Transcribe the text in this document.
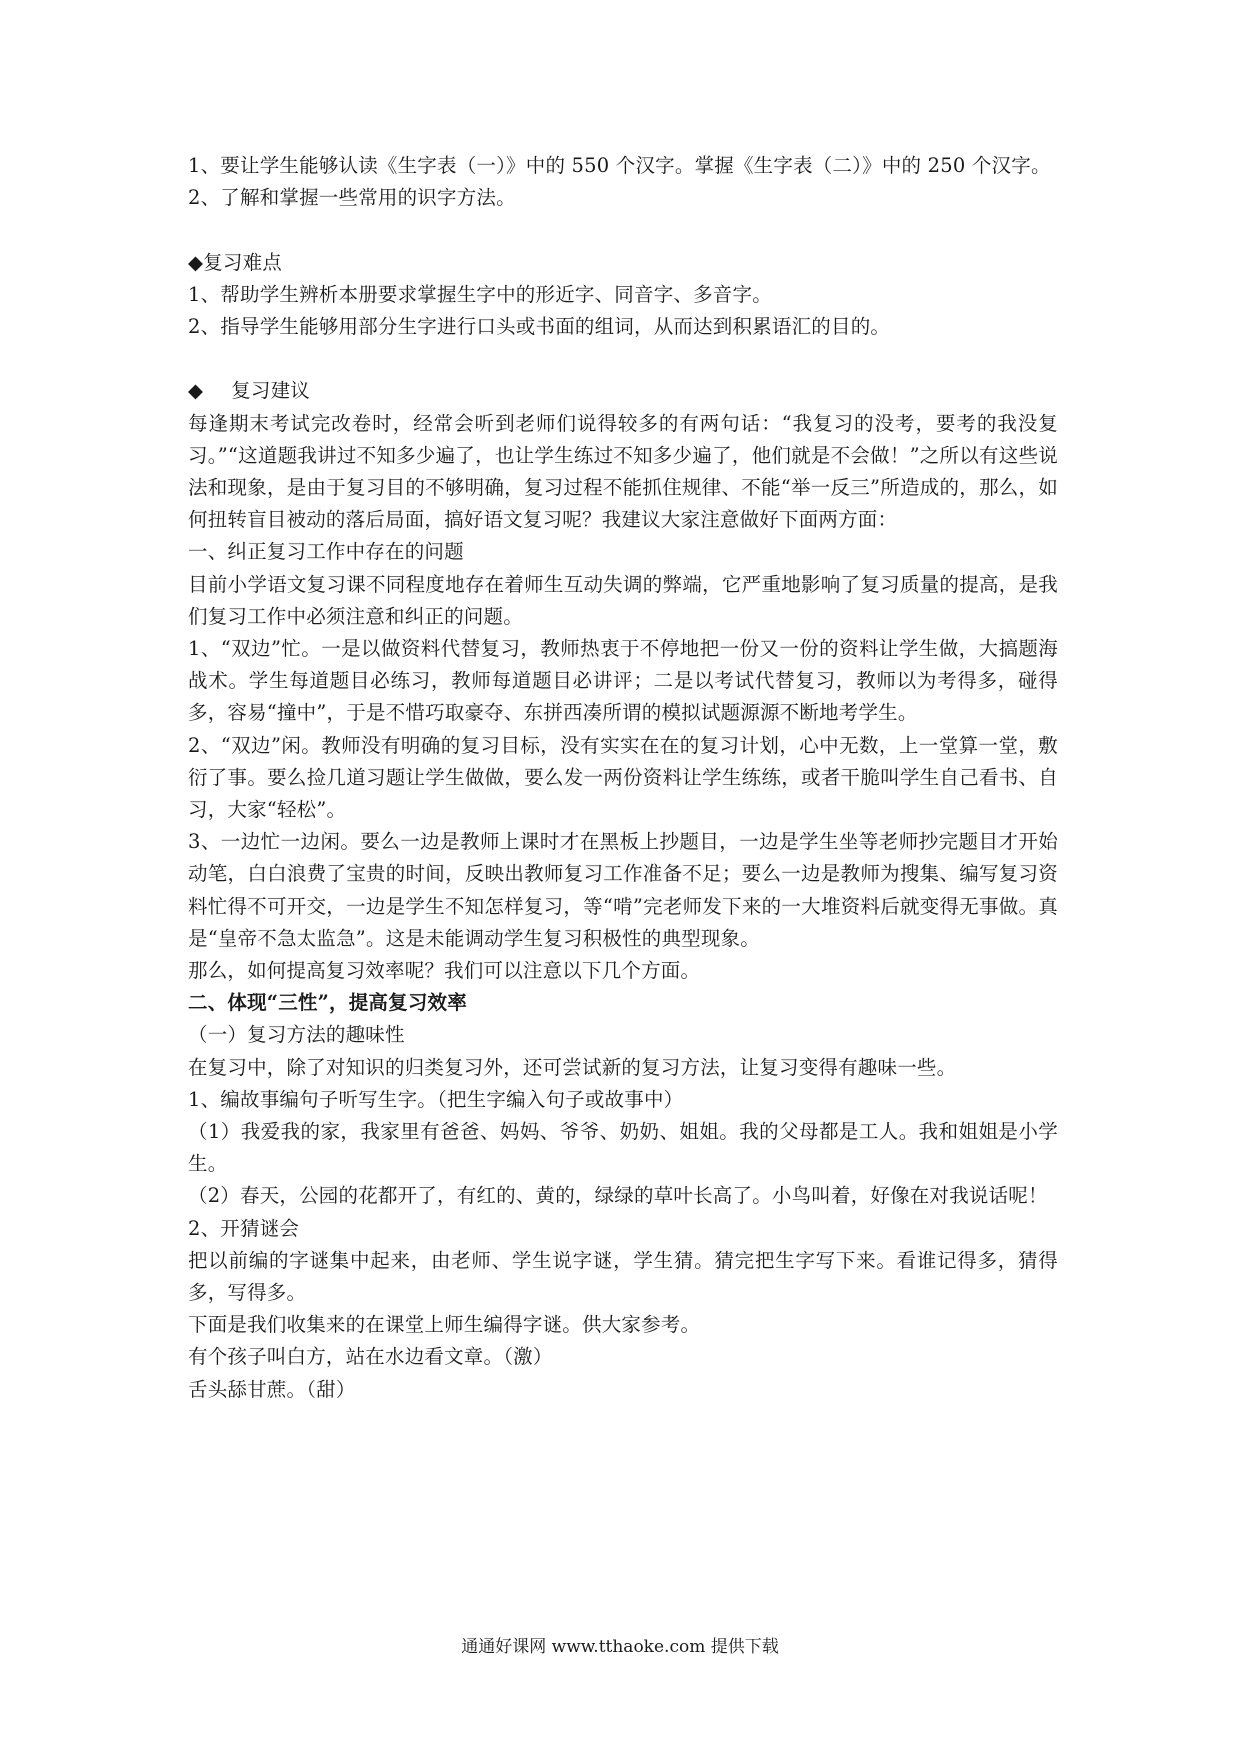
1、要让学生能够认读《生字表（一）》中的 550 个汉字。掌握《生字表（二）》中的 250 个汉字。

2、了解和掌握一些常用的识字方法。

◆复习难点

1、帮助学生辨析本册要求掌握生字中的形近字、同音字、多音字。

2、指导学生能够用部分生字进行口头或书面的组词，从而达到积累语汇的目的。

◆ 复习建议

每逢期末考试完改卷时，经常会听到老师们说得较多的有两句话：“我复习的没考，要考的我没复习。”“这道题我讲过不知多少遍了，也让学生练过不知多少遍了，他们就是不会做！”之所以有这些说法和现象，是由于复习目的不够明确，复习过程不能抓住规律、不能“举一反三”所造成的，那么，如何扭转盲目被动的落后局面，搞好语文复习呢？我建议大家注意做好下面两方面：

一、纠正复习工作中存在的问题

目前小学语文复习课不同程度地存在着师生互动失调的弊端，它严重地影响了复习质量的提高，是我们复习工作中必须注意和纠正的问题。

1、“双边”忙。一是以做资料代替复习，教师热衷于不停地把一份又一份的资料让学生做，大搞题海战术。学生每道题目必练习，教师每道题目必讲评；二是以考试代替复习，教师以为考得多，碰得多，容易“撞中”，于是不惜巧取豪夺、东拼西凑所谓的模拟试题源源不断地考学生。

2、“双边”闲。教师没有明确的复习目标，没有实实在在的复习计划，心中无数，上一堂算一堂，敷衍了事。要么捡几道习题让学生做做，要么发一两份资料让学生练练，或者干脆叫学生自己看书、自习，大家“轻松”。

3、一边忙一边闲。要么一边是教师上课时才在黑板上抄题目，一边是学生坐等老师抄完题目才开始动笔，白白浪费了宝贵的时间，反映出教师复习工作准备不足；要么一边是教师为搜集、编写复习资料忙得不可开交，一边是学生不知怎样复习，等“啃”完老师发下来的一大堆资料后就变得无事做。真是“皇帝不急太监急”。这是未能调动学生复习积极性的典型现象。

那么，如何提高复习效率呢？我们可以注意以下几个方面。

二、体现“三性”，提高复习效率

（一）复习方法的趣味性

在复习中，除了对知识的归类复习外，还可尝试新的复习方法，让复习变得有趣味一些。

1、编故事编句子听写生字。（把生字编入句子或故事中）

（1）我爱我的家，我家里有爸爸、妈妈、爷爷、奶奶、姐姐。我的父母都是工人。我和姐姐是小学生。

（2）春天，公园的花都开了，有红的、黄的，绿绿的草叶长高了。小鸟叫着，好像在对我说话呢！

2、开猜谜会

把以前编的字谜集中起来，由老师、学生说字谜，学生猜。猜完把生字写下来。看谁记得多，猜得多，写得多。

下面是我们收集来的在课堂上师生编得字谜。供大家参考。

有个孩子叫白方，站在水边看文章。（激）

舌头舔甘蔗。（甜）

通通好课网 www.tthaoke.com 提供下载
